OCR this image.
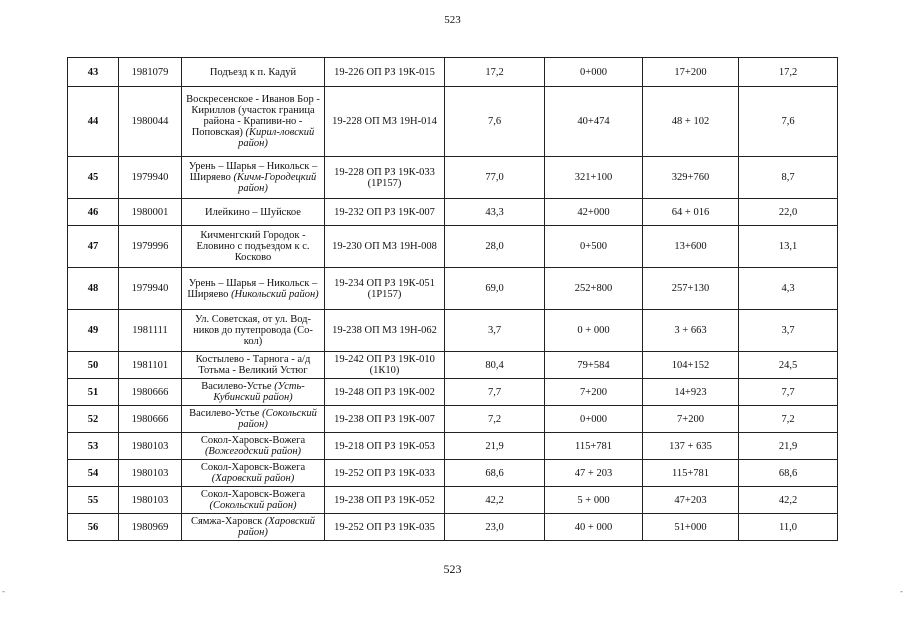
523
43	1981079	Подъезд к п. Кадуй	19-226 ОП РЗ 19К-015	17,2	0+000	17+200	17,2
44	1980044	Воскресенское - Иванов Бор - Кириллов (участок граница района - Крапиви-но - Поповская) (Кирил-ловский район)	19-228 ОП МЗ 19Н-014	7,6	40+474	48 + 102	7,6
45	1979940	Урень – Шарья – Никольск – Ширяево (Кичм-Городецкий район)	19-228 ОП РЗ 19К-033 (1Р157)	77,0	321+100	329+760	8,7
46	1980001	Илейкино – Шуйское	19-232 ОП РЗ 19К-007	43,3	42+000	64 + 016	22,0
47	1979996	Кичменгский Городок - Еловино с подъездом к с. Косково	19-230 ОП МЗ 19Н-008	28,0	0+500	13+600	13,1
48	1979940	Урень – Шарья – Никольск – Ширяево (Никольский район)	19-234 ОП РЗ 19К-051 (1Р157)	69,0	252+800	257+130	4,3
49	1981111	Ул. Советская, от ул. Вод-ников до путепровода (Со-кол)	19-238 ОП МЗ 19Н-062	3,7	0 + 000	3 + 663	3,7
50	1981101	Костылево - Тарнога - а/д Тотьма - Великий Устюг	19-242 ОП РЗ 19К-010 (1К10)	80,4	79+584	104+152	24,5
51	1980666	Василево-Устье (Усть-Кубинский район)	19-248 ОП РЗ 19К-002	7,7	7+200	14+923	7,7
52	1980666	Василево-Устье (Сокольский район)	19-238 ОП РЗ 19К-007	7,2	0+000	7+200	7,2
53	1980103	Сокол-Харовск-Вожега (Вожегодский район)	19-218 ОП РЗ 19К-053	21,9	115+781	137 + 635	21,9
54	1980103	Сокол-Харовск-Вожега (Харовский район)	19-252 ОП РЗ 19К-033	68,6	47 + 203	115+781	68,6
55	1980103	Сокол-Харовск-Вожега (Сокольский район)	19-238 ОП РЗ 19К-052	42,2	5 + 000	47+203	42,2
56	1980969	Сямжа-Харовск (Харовский район)	19-252 ОП РЗ 19К-035	23,0	40 + 000	51+000	11,0
523
-	-
